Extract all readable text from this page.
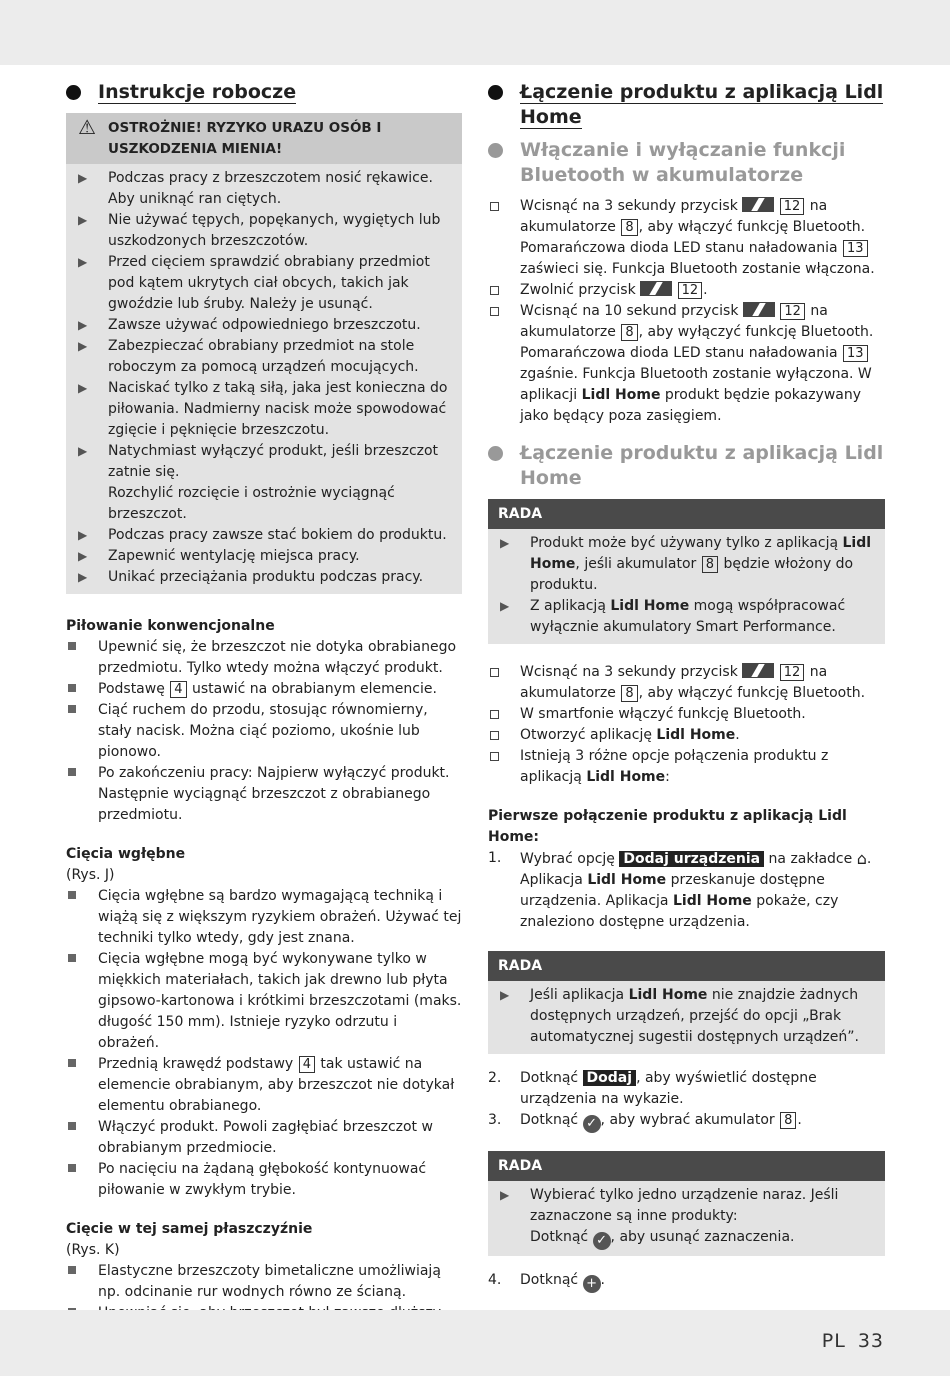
Instrukcje robocze
⚠ OSTROŻNIE! RYZYKO URAZU OSÓB I
USZKODZENIA MIENIA!
▶ Podczas pracy z brzeszczotem nosić rękawice. Aby uniknąć ran ciętych.
▶ Nie używać tępych, popękanych, wygiętych lub uszkodzonych brzeszczotów.
▶ Przed cięciem sprawdzić obrabiany przedmiot pod kątem ukrytych ciał obcych, takich jak gwoździe lub śruby. Należy je usunąć.
▶ Zawsze używać odpowiedniego brzeszczotu.
▶ Zabezpieczać obrabiany przedmiot na stole roboczym za pomocą urządzeń mocujących.
▶ Naciskać tylko z taką siłą, jaka jest konieczna do piłowania. Nadmierny nacisk może spowodować zgięcie i pęknięcie brzeszczotu.
▶ Natychmiast wyłączyć produkt, jeśli brzeszczot zatnie się.
Rozchylić rozcięcie i ostrożnie wyciągnąć brzeszczot.
▶ Podczas pracy zawsze stać bokiem do produktu.
▶ Zapewnić wentylację miejsca pracy.
▶ Unikać przeciążania produktu podczas pracy.

Piłowanie konwencjonalne

Upewnić się, że brzeszczot nie dotyka obrabianego przedmiotu. Tylko wtedy można włączyć produkt.
Podstawę 4 ustawić na obrabianym elemencie.
Ciąć ruchem do przodu, stosując równomierny, stały nacisk. Można ciąć poziomo, ukośnie lub pionowo.
Po zakończeniu pracy: Najpierw wyłączyć produkt. Następnie wyciągnąć brzeszczot z obrabianego przedmiotu.

Cięcia wgłębne

(Rys. J)
Cięcia wgłębne są bardzo wymagającą techniką i wiążą się z większym ryzykiem obrażeń. Używać tej techniki tylko wtedy, gdy jest znana.
Cięcia wgłębne mogą być wykonywane tylko w miękkich materiałach, takich jak drewno lub płyta gipsowo-kartonowa i krótkimi brzeszczotami (maks. długość 150 mm). Istnieje ryzyko odrzutu i obrażeń.
Przednią krawędź podstawy 4 tak ustawić na elemencie obrabianym, aby brzeszczot nie dotykał elementu obrabianego.
Włączyć produkt. Powoli zagłębiać brzeszczot w obrabianym przedmiocie.
Po nacięciu na żądaną głębokość kontynuować piłowanie w zwykłym trybie.

Cięcie w tej samej płaszczyźnie

(Rys. K)
Elastyczne brzeszczoty bimetaliczne umożliwiają np. odcinanie rur wodnych równo ze ścianą.
Łączenie produktu z aplikacją Lidl
Home
Włączanie i wyłączanie funkcji
Bluetooth w akumulatorze
Wcisnąć na 3 sekundy przycisk	12 na akumulatorze 8 , aby włączyć funkcję Bluetooth. Pomarańczowa dioda LED stanu naładowania 13 zaświeci się. Funkcja Bluetooth zostanie włączona.
Zwolnić przycisk	12 .
Wcisnąć na 10 sekund przycisk	12 na akumulatorze 8 , aby wyłączyć funkcję Bluetooth. Pomarańczowa dioda LED stanu naładowania 13 zgaśnie. Funkcja Bluetooth zostanie wyłączona. W aplikacji Lidl Home produkt będzie pokazywany jako będący poza zasięgiem.
Łączenie produktu z aplikacją Lidl
Home
RADA
▶ Produkt może być używany tylko z aplikacją Lidl Home, jeśli akumulator 8 będzie włożony do produktu.
▶ Z aplikacją Lidl Home mogą współpracować wyłącznie akumulatory Smart Performance.
Wcisnąć na 3 sekundy przycisk	12 na akumulatorze 8 , aby włączyć funkcję Bluetooth.
W smartfonie włączyć funkcję Bluetooth.
Otworzyć aplikację Lidl Home.
Istnieją 3 różne opcje połączenia produktu z aplikacją Lidl Home:

Pierwsze połączenie produktu z aplikacją Lidl Home:

1. Wybrać opcję Dodaj urządzenia na zakładce ⌂. Aplikacja Lidl Home przeskanuje dostępne urządzenia. Aplikacja Lidl Home pokaże, czy znaleziono dostępne urządzenia.
RADA
▶ Jeśli aplikacja Lidl Home nie znajdzie żadnych dostępnych urządzeń, przejść do opcji „Brak automatycznej sugestii dostępnych urządzeń”.
2. Dotknąć Dodaj , aby wyświetlić dostępne urządzenia na wykazie.
3. Dotknąć ✓ , aby wybrać akumulator 8 .
RADA
▶ Wybierać tylko jedno urządzenie naraz. Jeśli zaznaczone są inne produkty:
Dotknąć ✓ , aby usunąć zaznaczenia.
4. Dotknąć + .
PL 33
